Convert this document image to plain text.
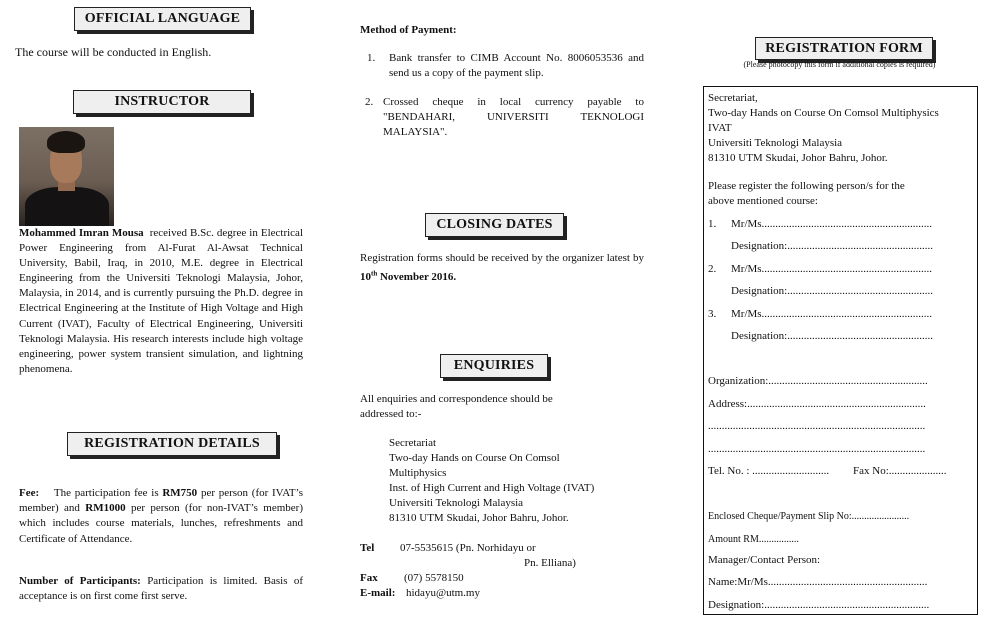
OFFICIAL LANGUAGE
The course will be conducted in English.
INSTRUCTOR
Mohammed Imran Mousa received B.Sc. degree in Electrical Power Engineering from Al-Furat Al-Awsat Technical University, Babil, Iraq, in 2010, M.E. degree in Electrical Engineering from the Universiti Teknologi Malaysia, Johor, Malaysia, in 2014, and is currently pursuing the Ph.D. degree in Electrical Engineering at the Institute of High Voltage and High Current (IVAT), Faculty of Electrical Engineering, Universiti Teknologi Malaysia. His research interests include high voltage engineering, power system transient simulation, and lightning phenomena.
REGISTRATION DETAILS
Fee: The participation fee is RM750 per person (for IVAT’s member) and RM1000 per person (for non-IVAT’s member) which includes course materials, lunches, refreshments and Certificate of Attendance.
Number of Participants: Participation is limited. Basis of acceptance is on first come first serve.
Method of Payment:
1. Bank transfer to CIMB Account No. 8006053536 and send us a copy of the payment slip.
2. Crossed cheque in local currency payable to "BENDAHARI, UNIVERSITI TEKNOLOGI MALAYSIA".
CLOSING DATES
Registration forms should be received by the organizer latest by 10th November 2016.
ENQUIRIES
All enquiries and correspondence should be addressed to:-
Secretariat
Two-day Hands on Course On Comsol
Multiphysics
Inst. of High Current and High Voltage (IVAT)
Universiti Teknologi Malaysia
81310 UTM Skudai, Johor Bahru, Johor.
Tel 07-5535615 (Pn. Norhidayu or
Pn. Elliana)
Fax (07) 5578150
E-mail: hidayu@utm.my
REGISTRATION FORM
(Please photocopy this form if additional copies is required)
Secretariat,
Two-day Hands on Course On Comsol Multiphysics
IVAT
Universiti Teknologi Malaysia
81310 UTM Skudai, Johor Bahru, Johor.
Please register the following person/s for the
above mentioned course:
1. Mr/Ms..............................................................
Designation:.....................................................
2. Mr/Ms..............................................................
Designation:.....................................................
3. Mr/Ms..............................................................
Designation:.....................................................
Organization:..........................................................
Address:.................................................................
...............................................................................
...............................................................................
Tel. No. : ............................	Fax No:.....................
Enclosed Cheque/Payment Slip No:.......................
Amount RM................
Manager/Contact Person:
Name:Mr/Ms..........................................................
Designation:............................................................
